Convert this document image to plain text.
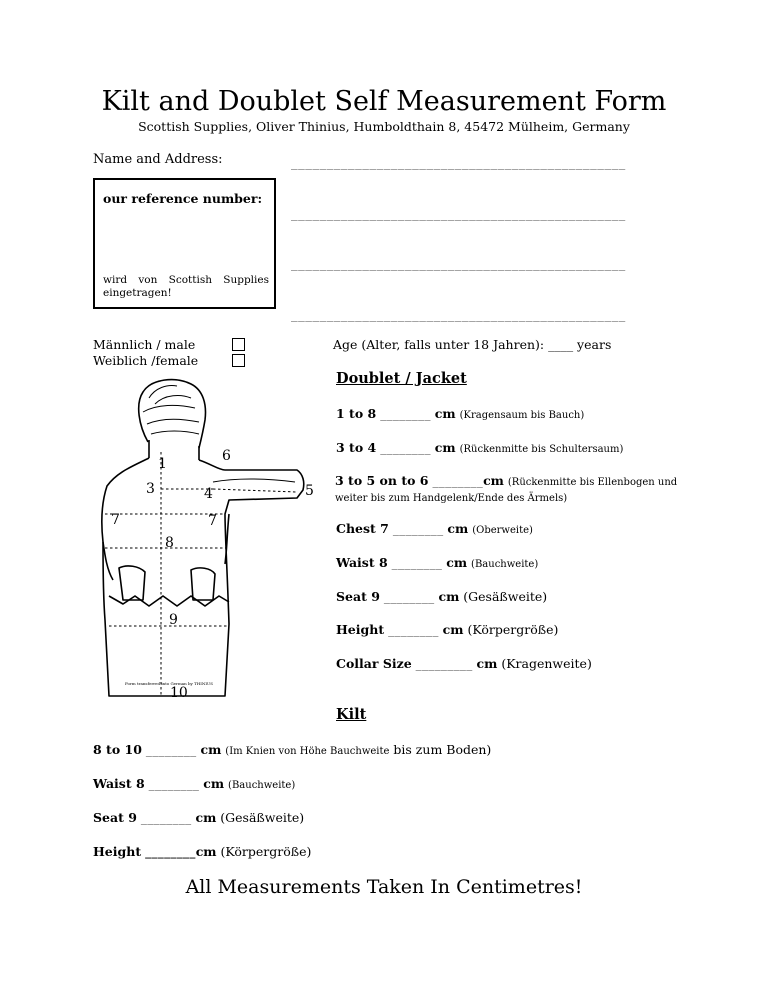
Kilt and Doublet Self Measurement Form
Scottish Supplies, Oliver Thinius, Humboldthain 8, 45472 Mülheim, Germany
Name and Address:	_______________________________________________
_______________________________________________
_______________________________________________
_______________________________________________
our reference number:
wird von Scottish Supplies eingetragen!
Männlich / male
Weiblich /female
Age (Alter, falls unter 18 Jahren): ____ years
1
3	4	5
6
7	7
8
9
10
Form transferred into German by THINIUS
Doublet / Jacket
1 to 8 ________ cm (Kragensaum bis Bauch)
3 to 4 ________ cm (Rückenmitte bis Schultersaum)
3 to 5 on to 6 ________cm (Rückenmitte bis Ellenbogen und weiter bis zum Handgelenk/Ende des Ärmels)
Chest 7 ________ cm (Oberweite)
Waist 8 ________ cm (Bauchweite)
Seat 9 ________ cm (Gesäßweite)
Height ________ cm (Körpergröße)
Collar Size _________ cm (Kragenweite)
Kilt
8 to 10 ________ cm (Im Knien von Höhe Bauchweite bis zum Boden)
Waist 8 ________ cm (Bauchweite)
Seat 9 ________ cm (Gesäßweite)
Height ________cm (Körpergröße)
All Measurements Taken In Centimetres!
